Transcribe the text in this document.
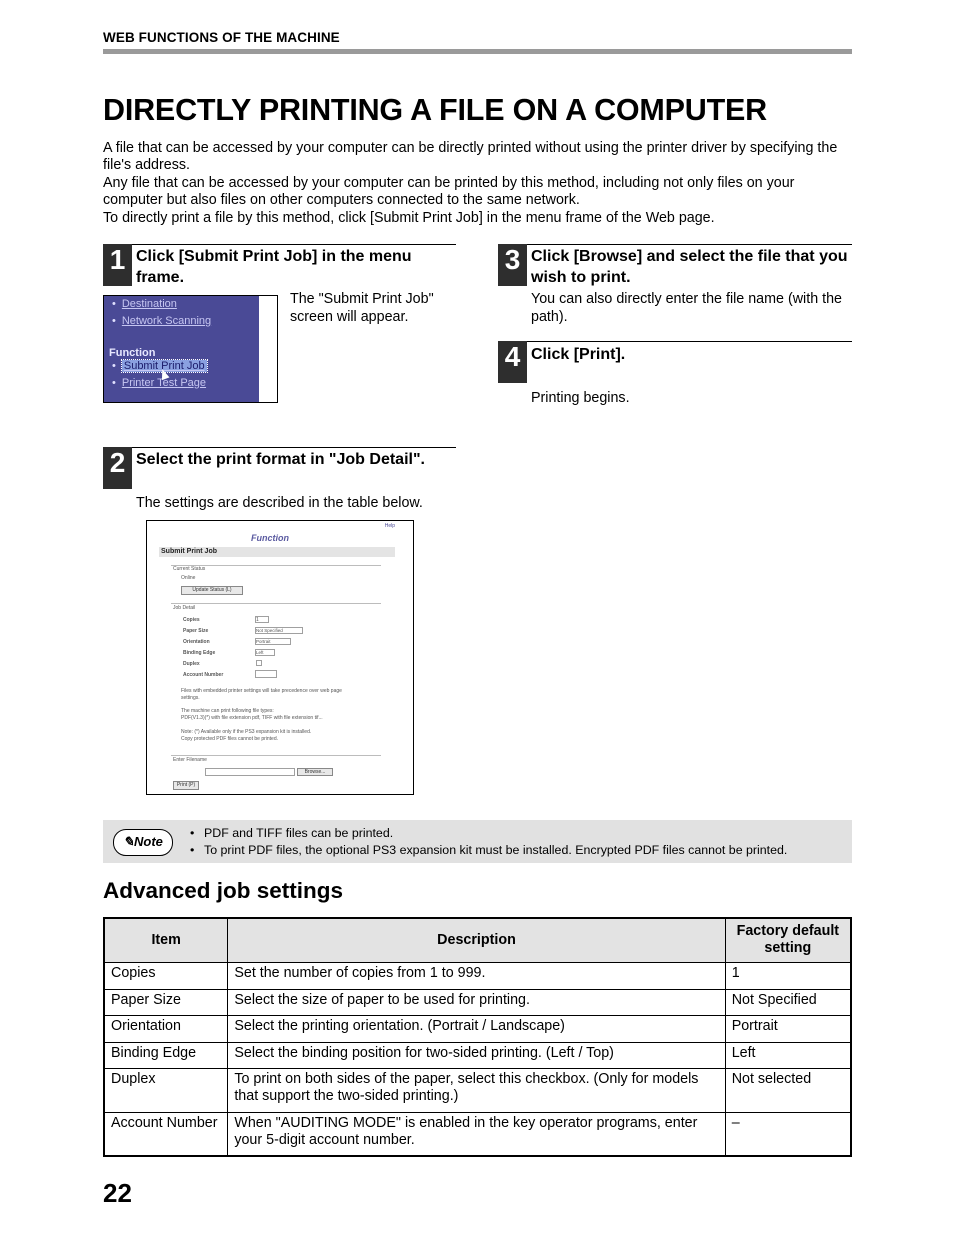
WEB FUNCTIONS OF THE MACHINE
DIRECTLY PRINTING A FILE ON A COMPUTER

A file that can be accessed by your computer can be directly printed without using the printer driver by specifying the file's address.

Any file that can be accessed by your computer can be printed by this method, including not only files on your computer but also files on other computers connected to the same network.

To directly print a file by this method, click [Submit Print Job] in the menu frame of the Web page.

1 Click [Submit Print Job] in the menu frame.
• Destination
• Network Scanning
Function
• Submit Print Job
• Printer Test Page
The "Submit Print Job" screen will appear.
2 Select the print format in "Job Detail".
The settings are described in the table below.
Help
Function
Submit Print Job
Current Status
Online
Update Status (L)
Job Detail
Copies	1
Paper Size	Not Specified
Orientation	Portrait
Binding Edge	Left
Duplex
Account Number
Files with embedded printer settings will take precedence over web page
settings.
The machine can print following file types:
PDF(V1.3)(*) with file extension pdf, TIFF with file extension tif...
Note: (*) Available only if the PS3 expansion kit is installed.
Copy protected PDF files cannot be printed.
Enter Filename
Browse...
Print (P)
3 Click [Browse] and select the file that you wish to print.
You can also directly enter the file name (with the path).
4 Click [Print].
Printing begins.
✎Note
• PDF and TIFF files can be printed.
• To print PDF files, the optional PS3 expansion kit must be installed. Encrypted PDF files cannot be printed.
Advanced job settings
Item	Description	Factory default setting
Copies	Set the number of copies from 1 to 999.	1
Paper Size	Select the size of paper to be used for printing.	Not Specified
Orientation	Select the printing orientation. (Portrait / Landscape)	Portrait
Binding Edge	Select the binding position for two-sided printing. (Left / Top)	Left
Duplex	To print on both sides of the paper, select this checkbox. (Only for models that support the two-sided printing.)	Not selected
Account Number	When "AUDITING MODE" is enabled in the key operator programs, enter your 5-digit account number.	–
22
